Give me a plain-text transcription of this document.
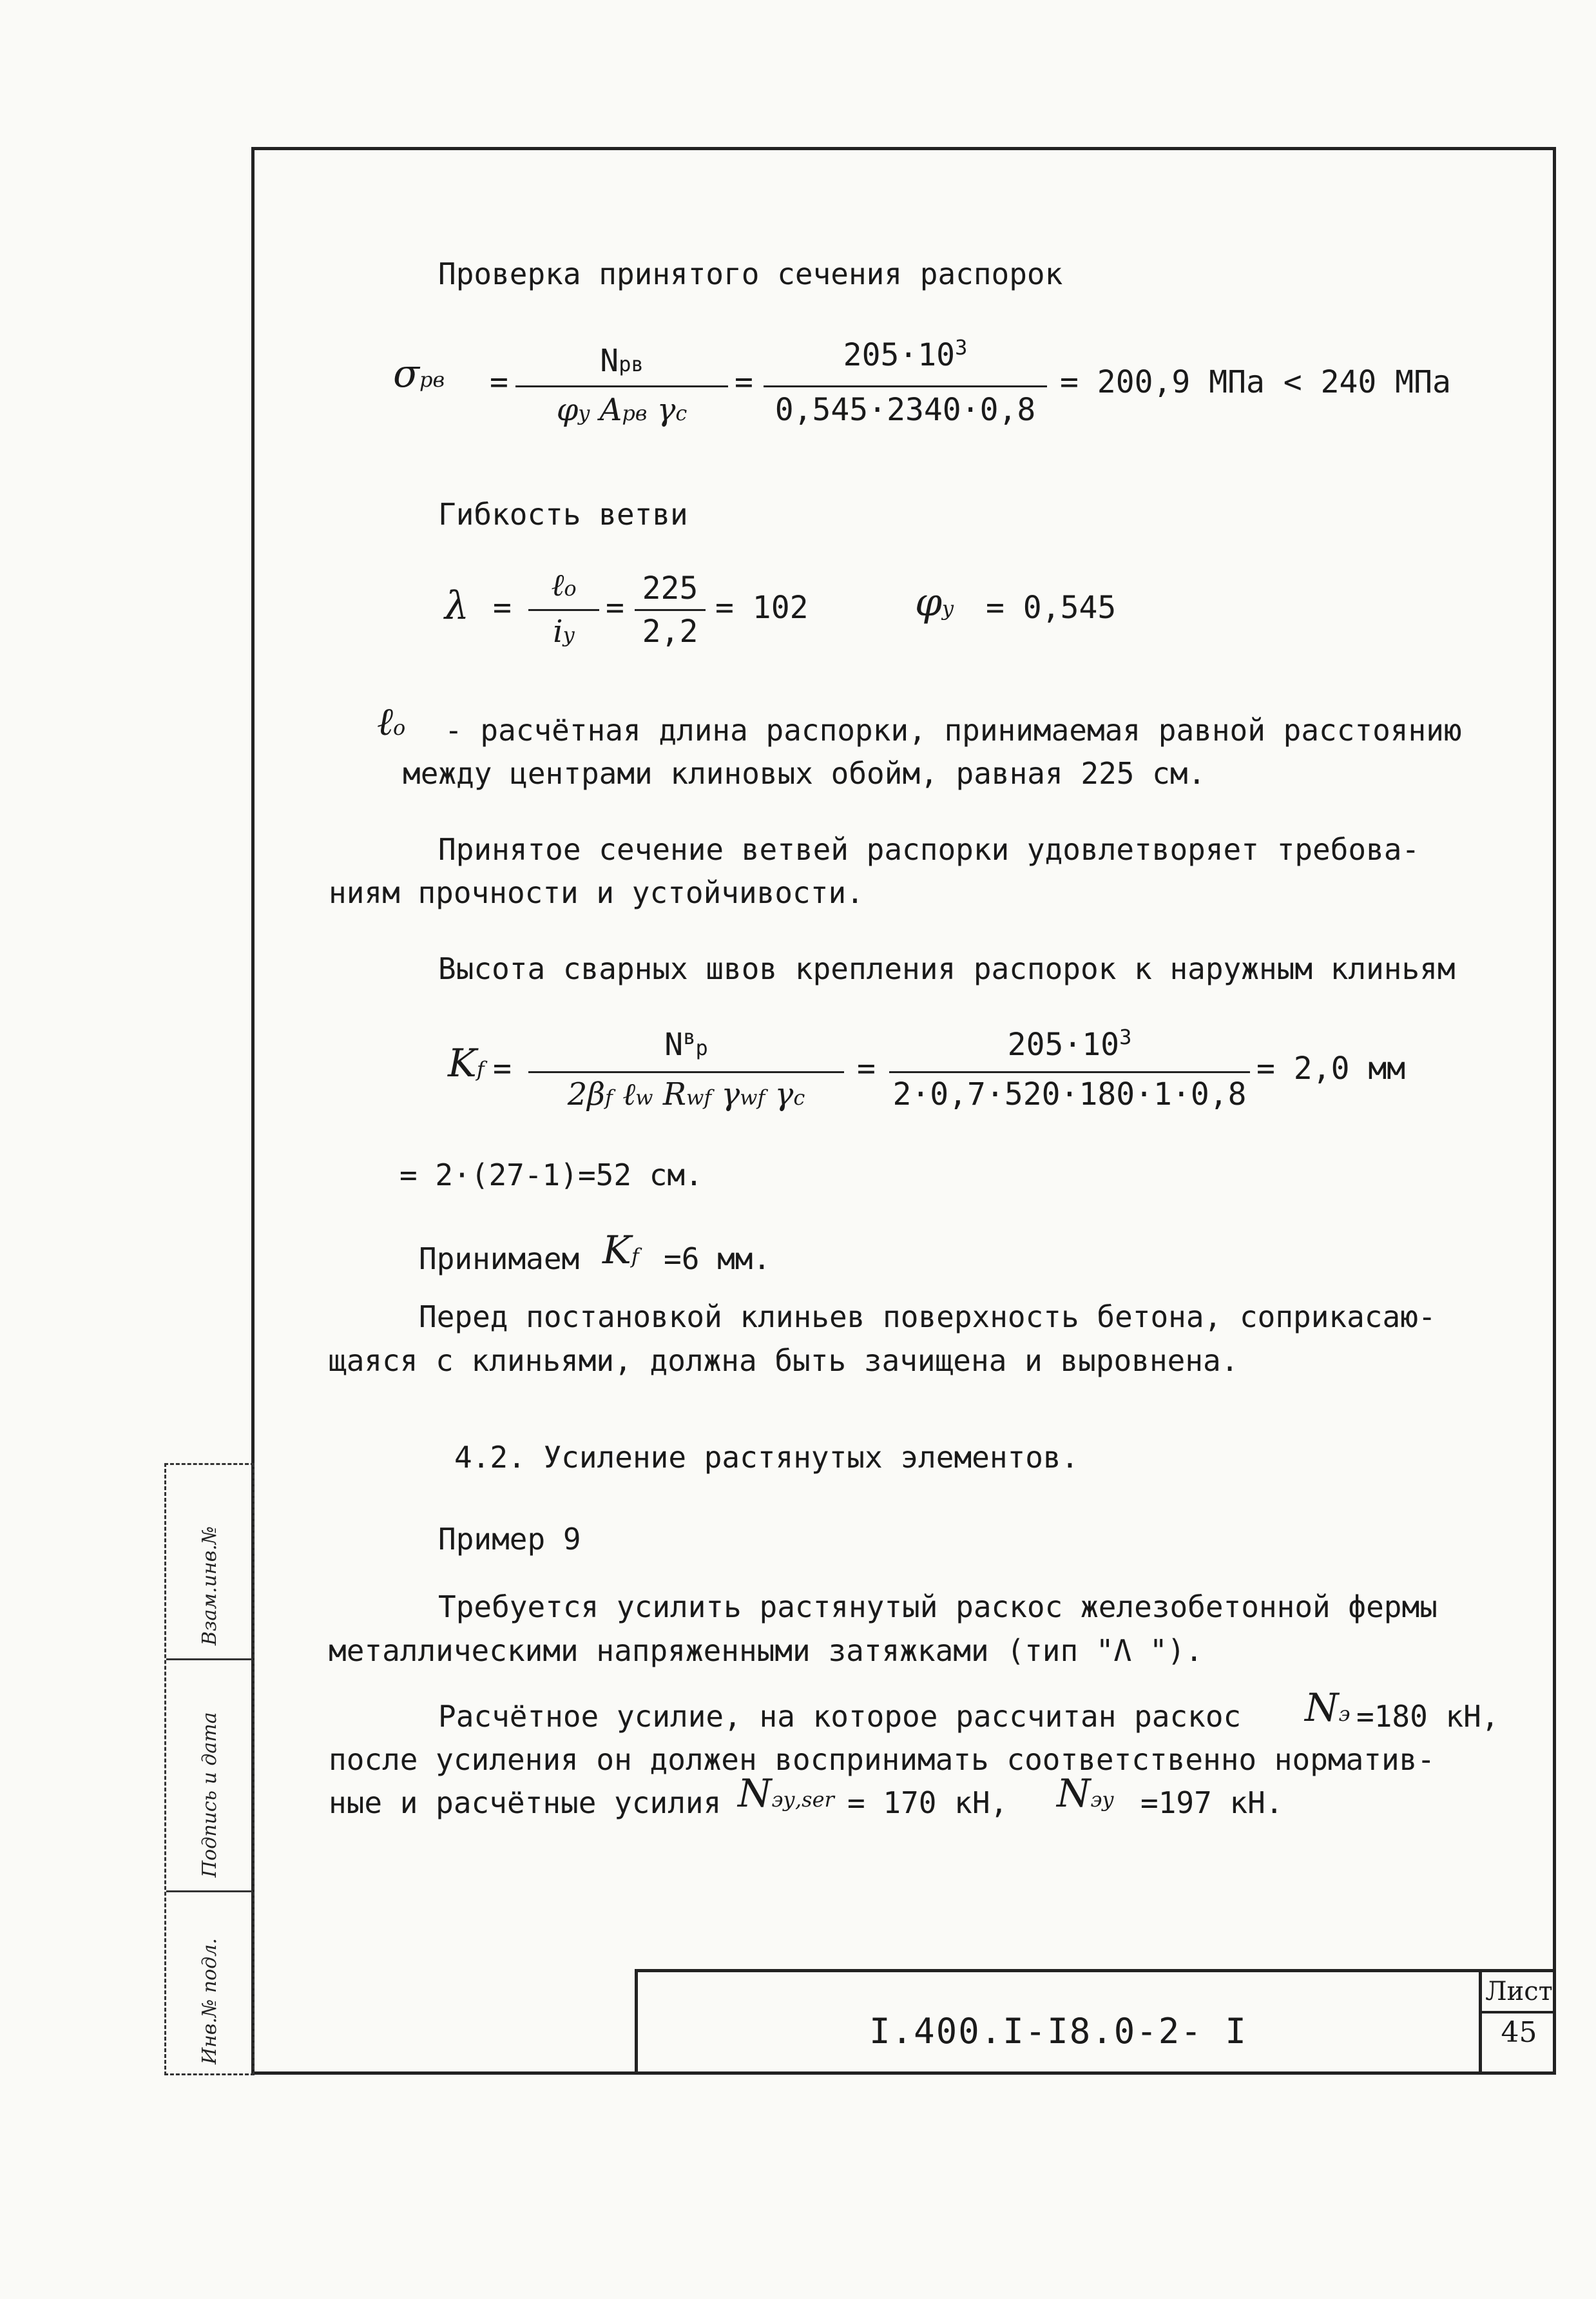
Проверка принятого сечения распорок
σрв =
Nрв
φy Aрв γc
=
$205\cdot 10^3$
0,545·2340·0,8
= 200,9 МПа < 240 МПа
Гибкость ветви
λ =
ℓo
iy
=
225
2,2
= 102	φy = 0,545
ℓo - расчётная длина распорки, принимаемая равной расстоянию
между центрами клиновых обойм, равная 225 см.
Принятое сечение ветвей распорки удовлетворяет требова-
ниям прочности и устойчивости.
Высота сварных швов крепления распорок к наружным клиньям
Kf =
$N^вр$
2βf ℓw Rwf γwf γc
=
$205\cdot 10^3$
2·0,7·520·180·1·0,8
= 2,0 мм
= 2·(27-1)=52 см.
Принимаем Kf =6 мм.
Перед постановкой клиньев поверхность бетона, соприкасаю-
щаяся с клиньями, должна быть зачищена и выровнена.
4.2. Усиление растянутых элементов.
Пример 9
Требуется усилить растянутый раскос железобетонной фермы
металлическими напряженными затяжками (тип "Λ ").
Расчётное усилие, на которое рассчитан раскос Nэ =180 кН,
после усиления он должен воспринимать соответственно норматив-
ные и расчётные усилия Nэу,ser = 170 кН, Nэу =197 кН.
Взам.инв.№
Подпись и дата
Инв.№ подл.	I.400.I-I8.0-2- I
Лист
45
